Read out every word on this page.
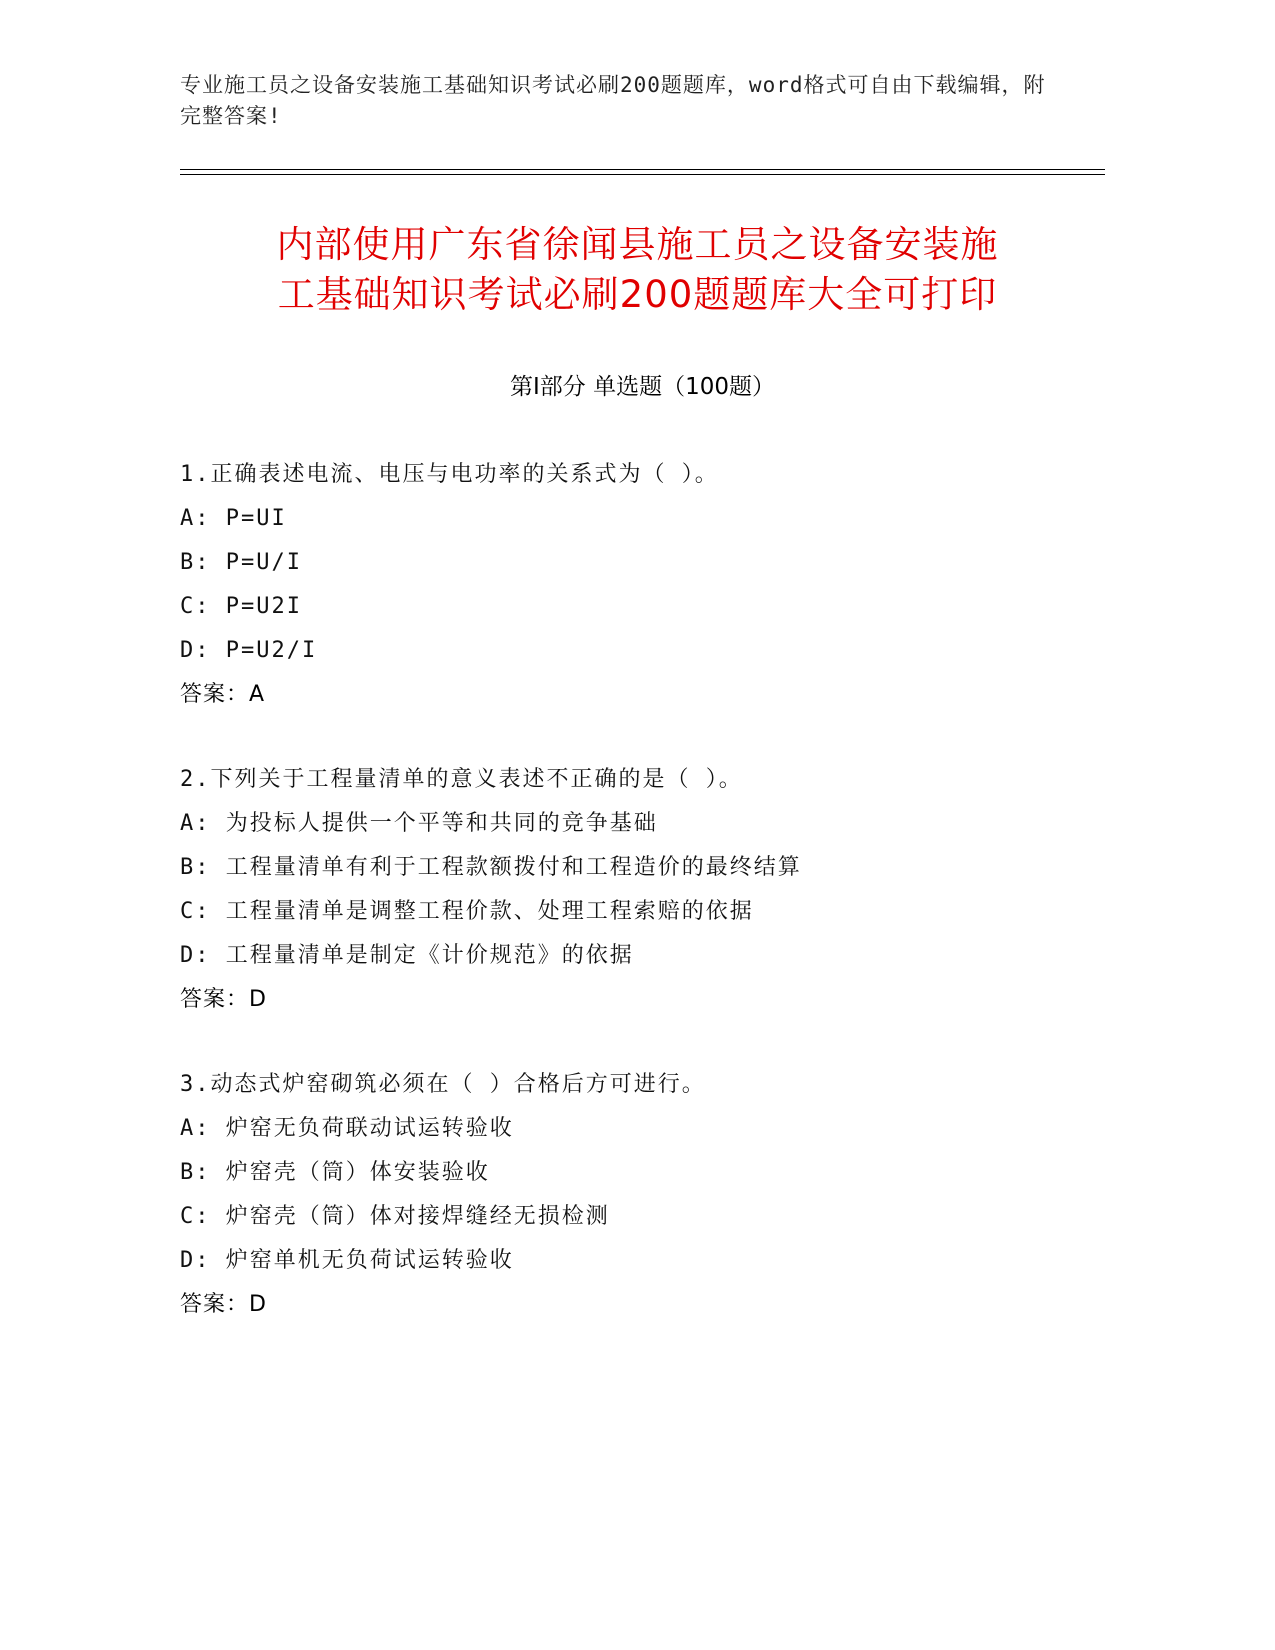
专业施工员之设备安装施工基础知识考试必刷200题题库，word格式可自由下载编辑，附完整答案!
内部使用广东省徐闻县施工员之设备安装施
工基础知识考试必刷200题题库大全可打印
第Ⅰ部分 单选题（100题）
1.正确表述电流、电压与电功率的关系式为（ ）。
A: P=UI
B: P=U/I
C: P=U2I
D: P=U2/I
答案：A
2.下列关于工程量清单的意义表述不正确的是（ ）。
A: 为投标人提供一个平等和共同的竞争基础
B: 工程量清单有利于工程款额拨付和工程造价的最终结算
C: 工程量清单是调整工程价款、处理工程索赔的依据
D: 工程量清单是制定《计价规范》的依据
答案：D
3.动态式炉窑砌筑必须在（ ）合格后方可进行。
A: 炉窑无负荷联动试运转验收
B: 炉窑壳（筒）体安装验收
C: 炉窑壳（筒）体对接焊缝经无损检测
D: 炉窑单机无负荷试运转验收
答案：D
